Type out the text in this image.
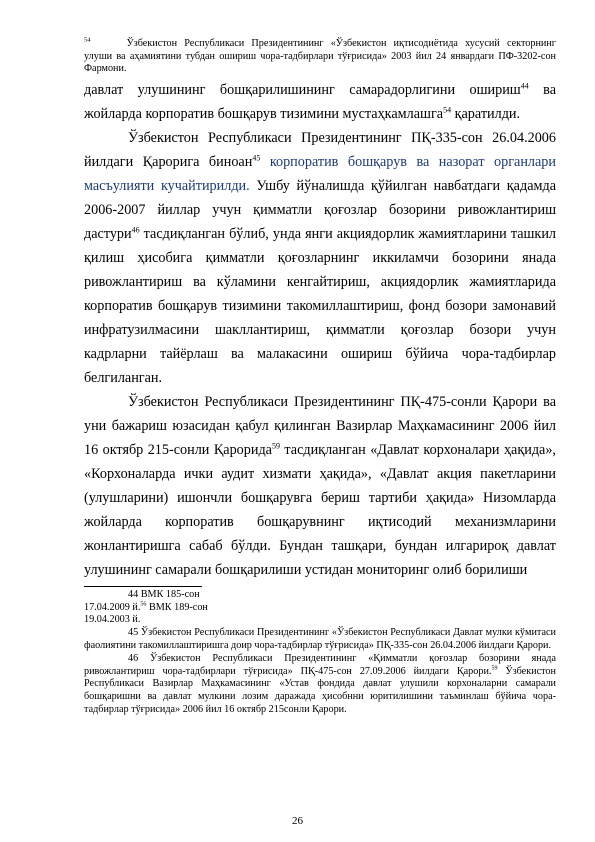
$^{54}$	Ўзбекистон Республикаси Президентининг «Ўзбекистон иқтисодиётида хусусий секторнинг улуши ва аҳамиятини тубдан ошириш чора-тадбирлари тўғрисида» 2003 йил 24 январдаги ПФ-3202-сон Фармони.

давлат улушининг бошқарилишининг самарадорлигини ошириш$^{44}$ ва жойларда корпоратив бошқарув тизимини мустаҳкамлашга$^{54}$ қаратилди.

Ўзбекистон Республикаси Президентининг ПҚ-335-сон 26.04.2006 йилдаги Қарорига биноан$^{45}$ корпоратив бошқарув ва назорат органлари масъулияти кучайтирилди. Ушбу йўналишда қўйилган навбатдаги қадамда 2006-2007 йиллар учун қимматли қоғозлар бозорини ривожлантириш дастури$^{46}$ тасдиқланган бўлиб, унда янги акциядорлик жамиятларини ташкил қилиш ҳисобига қимматли қоғозларнинг иккиламчи бозорини янада ривожлантириш ва кўламини кенгайтириш, акциядорлик жамиятларида корпоратив бошқарув тизимини такомиллаштириш, фонд бозори замонавий инфратузилмасини шакллантириш, қимматли қоғозлар бозори учун кадрларни тайёрлаш ва малакасини ошириш бўйича чора-тадбирлар белгиланган.

Ўзбекистон Республикаси Президентининг ПҚ-475-сонли Қарори ва уни бажариш юзасидан қабул қилинган Вазирлар Маҳкамасининг 2006 йил 16 октябр 215-сонли Қарорида$^{59}$ тасдиқланган «Давлат корхоналари ҳақида», «Корхоналарда ички аудит хизмати ҳақида», «Давлат акция пакетларини (улушларини) ишончли бошқарувга бериш тартиби ҳақида» Низомларда жойларда корпоратив бошқарувнинг иқтисодий механизмларини жонлантиришга сабаб бўлди. Бундан ташқари, бундан илгарироқ давлат улушининг самарали бошқарилиши устидан мониторинг олиб борилиши

44 ВМК 185-сон

17.04.2009 й.$^{56}$ ВМК 189-сон

19.04.2003 й.

45 Ўзбекистон Республикаси Президентининг «Ўзбекистон Республикаси Давлат мулки кўмитаси фаолиятини такомиллаштиришга доир чора-тадбирлар тўғрисида» ПҚ-335-сон 26.04.2006 йилдаги Қарори.

46 Ўзбекистон Республикаси Президентининг «Қимматли қоғозлар бозорини янада ривожлантириш чора-тадбирлари тўғрисида» ПҚ-475-сон 27.09.2006 йилдаги Қарори.$^{59}$ Ўзбекистон Республикаси Вазирлар Маҳкамасининг «Устав фондида давлат улушили корхоналарни самарали бошқаришни ва давлат мулкини лозим даражада ҳисобнни юритилишини таъминлаш бўйича чора-тадбирлар тўғрисида» 2006 йил 16 октябр 215сонли Қарори.

26
